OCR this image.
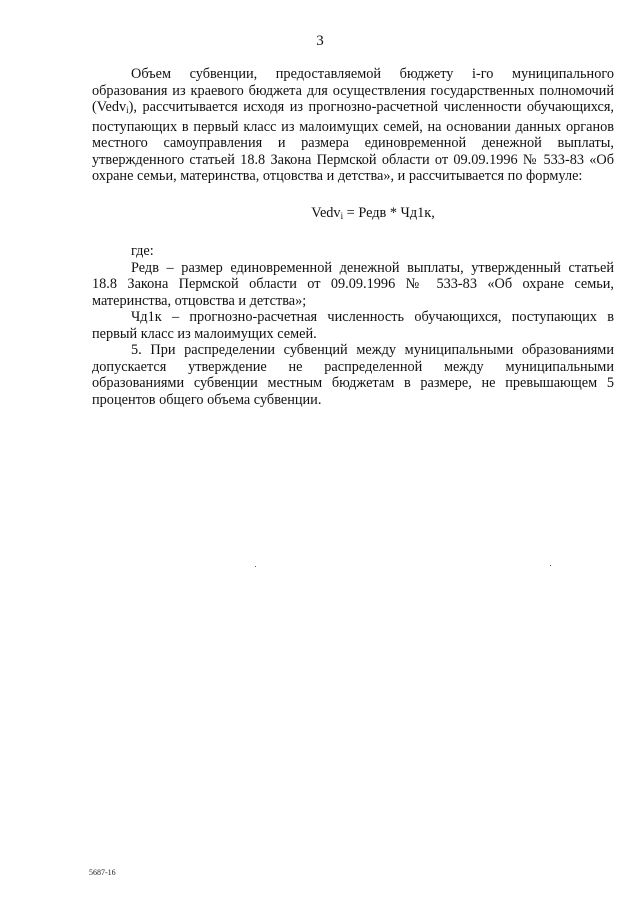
3

Объем субвенции, предоставляемой бюджету i-го муниципального образования из краевого бюджета для осуществления государственных полномочий (Vedv$_i$), рассчитывается исходя из прогнозно-расчетной численности обучающихся, поступающих в первый класс из малоимущих семей, на основании данных органов местного самоуправления и размера единовременной денежной выплаты, утвержденного статьей 18.8 Закона Пермской области от 09.09.1996 № 533-83 «Об охране семьи, материнства, отцовства и детства», и рассчитывается по формуле:

Vedv$_i$ = Редв * Чд1к,

где:

Редв – размер единовременной денежной выплаты, утвержденный статьей 18.8 Закона Пермской области от 09.09.1996 № 533-83 «Об охране семьи, материнства, отцовства и детства»;

Чд1к – прогнозно-расчетная численность обучающихся, поступающих в первый класс из малоимущих семей.

5. При распределении субвенций между муниципальными образованиями допускается утверждение не распределенной между муниципальными образованиями субвенции местным бюджетам в размере, не превышающем 5 процентов общего объема субвенции.

5687-16
